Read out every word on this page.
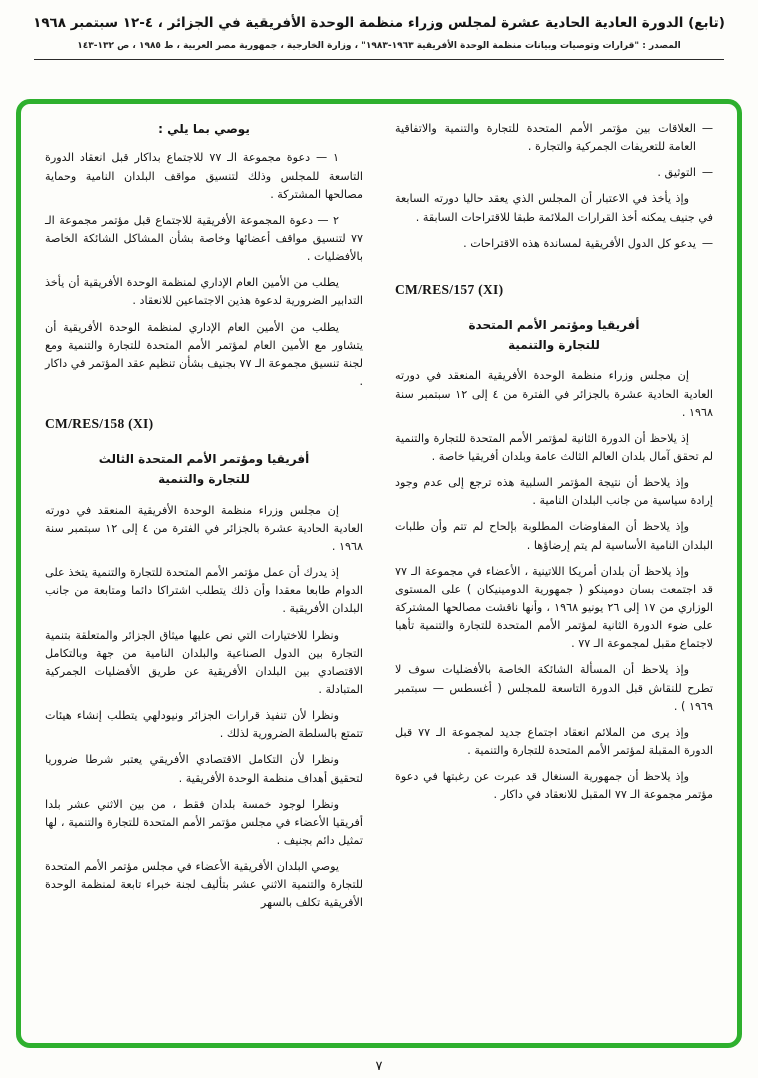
(تابع) الدورة العادية الحادية عشرة لمجلس وزراء منظمة الوحدة الأفريقية في الجزائر ، ٤-١٢ سبتمبر ١٩٦٨
المصدر : "قرارات وتوصيات وبيانات منظمة الوحدة الأفريقية ١٩٦٣-١٩٨٣" ، وزارة الخارجية ، جمهورية مصر العربية ، ط ١٩٨٥ ، ص ١٣٢-١٤٣
—
العلاقات بين مؤتمر الأمم المتحدة للتجارة والتنمية والاتفاقية العامة للتعريفات الجمركية والتجارة .
—
التوثيق .

وإذ يأخذ في الاعتبار أن المجلس الذي يعقد حاليا دورته السابعة في جنيف يمكنه أخذ القرارات الملائمة طبقا للاقتراحات السابقة .

—
يدعو كل الدول الأفريقية لمساندة هذه الاقتراحات .
CM/RES/157 (XI)
أفريقيا ومؤتمر الأمم المتحدة
للتجارة والتنمية

إن مجلس وزراء منظمة الوحدة الأفريقية المنعقد في دورته العادية الحادية عشرة بالجزائر في الفترة من ٤ إلى ١٢ سبتمبر سنة ١٩٦٨ .

إذ يلاحظ أن الدورة الثانية لمؤتمر الأمم المتحدة للتجارة والتنمية لم تحقق آمال بلدان العالم الثالث عامة وبلدان أفريقيا خاصة .

وإذ يلاحظ أن نتيجة المؤتمر السلبية هذه ترجع إلى عدم وجود إرادة سياسية من جانب البلدان النامية .

وإذ يلاحظ أن المفاوضات المطلوبة بإلحاح لم تتم وأن طلبات البلدان النامية الأساسية لم يتم إرضاؤها .

وإذ يلاحظ أن بلدان أمريكا اللاتينية ، الأعضاء في مجموعة الـ ٧٧ قد اجتمعت بسان دومينكو ( جمهورية الدومينيكان ) على المستوى الوزاري من ١٧ إلى ٢٦ يونيو ١٩٦٨ ، وأنها ناقشت مصالحها المشتركة على ضوء الدورة الثانية لمؤتمر الأمم المتحدة للتجارة والتنمية تأهبا لاجتماع مقبل لمجموعة الـ ٧٧ .

وإذ يلاحظ أن المسألة الشائكة الخاصة بالأفضليات سوف لا تطرح للنقاش قبل الدورة التاسعة للمجلس ( أغسطس — سبتمبر ١٩٦٩ ) .

وإذ يرى من الملائم انعقاد اجتماع جديد لمجموعة الـ ٧٧ قبل الدورة المقبلة لمؤتمر الأمم المتحدة للتجارة والتنمية .

وإذ يلاحظ أن جمهورية السنغال قد عبرت عن رغبتها في دعوة مؤتمر مجموعة الـ ٧٧ المقبل للانعقاد في داكار .

يوصي بما يلي :

١ — دعوة مجموعة الـ ٧٧ للاجتماع بداكار قبل انعقاد الدورة التاسعة للمجلس وذلك لتنسيق مواقف البلدان النامية وحماية مصالحها المشتركة .

٢ — دعوة المجموعة الأفريقية للاجتماع قبل مؤتمر مجموعة الـ ٧٧ لتنسيق مواقف أعضائها وخاصة بشأن المشاكل الشائكة الخاصة بالأفضليات .

يطلب من الأمين العام الإداري لمنظمة الوحدة الأفريقية أن يأخذ التدابير الضرورية لدعوة هذين الاجتماعين للانعقاد .

يطلب من الأمين العام الإداري لمنظمة الوحدة الأفريقية أن يتشاور مع الأمين العام لمؤتمر الأمم المتحدة للتجارة والتنمية ومع لجنة تنسيق مجموعة الـ ٧٧ بجنيف بشأن تنظيم عقد المؤتمر في داكار .

CM/RES/158 (XI)
أفريقيا ومؤتمر الأمم المتحدة الثالث
للتجارة والتنمية

إن مجلس وزراء منظمة الوحدة الأفريقية المنعقد في دورته العادية الحادية عشرة بالجزائر في الفترة من ٤ إلى ١٢ سبتمبر سنة ١٩٦٨ .

إذ يدرك أن عمل مؤتمر الأمم المتحدة للتجارة والتنمية يتخذ على الدوام طابعا معقدا وأن ذلك يتطلب اشتراكا دائما ومتابعة من جانب البلدان الأفريقية .

ونظرا للاختيارات التي نص عليها ميثاق الجزائر والمتعلقة بتنمية التجارة بين الدول الصناعية والبلدان النامية من جهة وبالتكامل الاقتصادي بين البلدان الأفريقية عن طريق الأفضليات الجمركية المتبادلة .

ونظرا لأن تنفيذ قرارات الجزائر ونيودلهي يتطلب إنشاء هيئات تتمتع بالسلطة الضرورية لذلك .

ونظرا لأن التكامل الاقتصادي الأفريقي يعتبر شرطا ضروريا لتحقيق أهداف منظمة الوحدة الأفريقية .

ونظرا لوجود خمسة بلدان فقط ، من بين الاثني عشر بلدا أفريقيا الأعضاء في مجلس مؤتمر الأمم المتحدة للتجارة والتنمية ، لها تمثيل دائم بجنيف .

يوصي البلدان الأفريقية الأعضاء في مجلس مؤتمر الأمم المتحدة للتجارة والتنمية الاثني عشر بتأليف لجنة خبراء تابعة لمنظمة الوحدة الأفريقية تكلف بالسهر

٧
